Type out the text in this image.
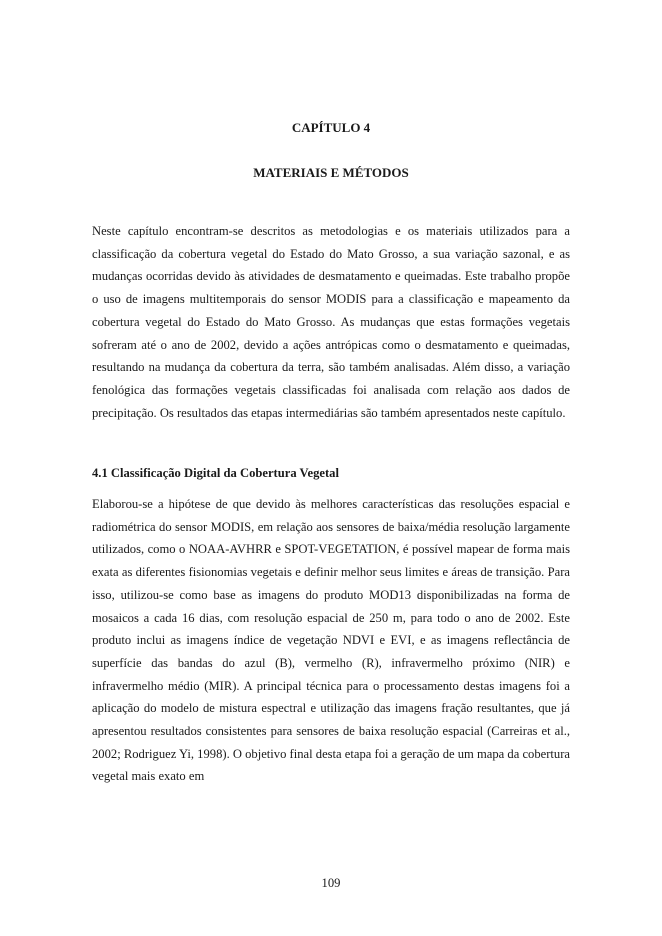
CAPÍTULO 4
MATERIAIS E MÉTODOS

Neste capítulo encontram-se descritos as metodologias e os materiais utilizados para a classificação da cobertura vegetal do Estado do Mato Grosso, a sua variação sazonal, e as mudanças ocorridas devido às atividades de desmatamento e queimadas. Este trabalho propõe o uso de imagens multitemporais do sensor MODIS para a classificação e mapeamento da cobertura vegetal do Estado do Mato Grosso. As mudanças que estas formações vegetais sofreram até o ano de 2002, devido a ações antrópicas como o desmatamento e queimadas, resultando na mudança da cobertura da terra, são também analisadas. Além disso, a variação fenológica das formações vegetais classificadas foi analisada com relação aos dados de precipitação. Os resultados das etapas intermediárias são também apresentados neste capítulo.

4.1 Classificação Digital da Cobertura Vegetal

Elaborou-se a hipótese de que devido às melhores características das resoluções espacial e radiométrica do sensor MODIS, em relação aos sensores de baixa/média resolução largamente utilizados, como o NOAA-AVHRR e SPOT-VEGETATION, é possível mapear de forma mais exata as diferentes fisionomias vegetais e definir melhor seus limites e áreas de transição. Para isso, utilizou-se como base as imagens do produto MOD13 disponibilizadas na forma de mosaicos a cada 16 dias, com resolução espacial de 250 m, para todo o ano de 2002. Este produto inclui as imagens índice de vegetação NDVI e EVI, e as imagens reflectância de superfície das bandas do azul (B), vermelho (R), infravermelho próximo (NIR) e infravermelho médio (MIR). A principal técnica para o processamento destas imagens foi a aplicação do modelo de mistura espectral e utilização das imagens fração resultantes, que já apresentou resultados consistentes para sensores de baixa resolução espacial (Carreiras et al., 2002; Rodriguez Yi, 1998). O objetivo final desta etapa foi a geração de um mapa da cobertura vegetal mais exato em

109
